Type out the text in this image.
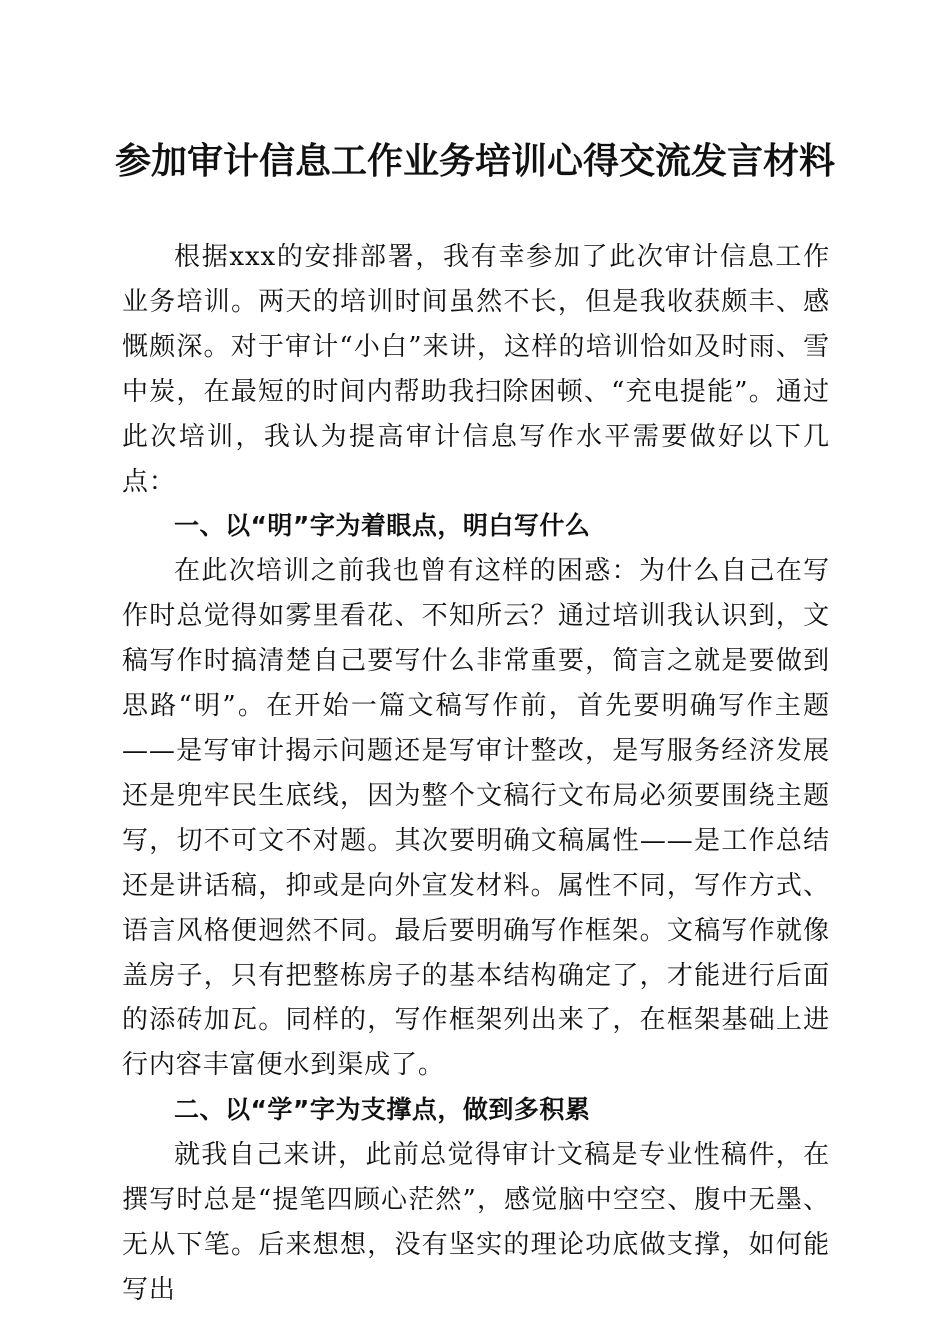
参加审计信息工作业务培训心得交流发言材料

根据xxx的安排部署，我有幸参加了此次审计信息工作业务培训。两天的培训时间虽然不长，但是我收获颇丰、感慨颇深。对于审计“小白”来讲，这样的培训恰如及时雨、雪中炭，在最短的时间内帮助我扫除困顿、“充电提能”。通过此次培训，我认为提高审计信息写作水平需要做好以下几点：

一、以“明”字为着眼点，明白写什么

在此次培训之前我也曾有这样的困惑：为什么自己在写作时总觉得如雾里看花、不知所云？通过培训我认识到，文稿写作时搞清楚自己要写什么非常重要，简言之就是要做到思路“明”。在开始一篇文稿写作前，首先要明确写作主题——是写审计揭示问题还是写审计整改，是写服务经济发展还是兜牢民生底线，因为整个文稿行文布局必须要围绕主题写，切不可文不对题。其次要明确文稿属性——是工作总结还是讲话稿，抑或是向外宣发材料。属性不同，写作方式、语言风格便迥然不同。最后要明确写作框架。文稿写作就像盖房子，只有把整栋房子的基本结构确定了，才能进行后面的添砖加瓦。同样的，写作框架列出来了，在框架基础上进行内容丰富便水到渠成了。

二、以“学”字为支撑点，做到多积累

就我自己来讲，此前总觉得审计文稿是专业性稿件，在撰写时总是“提笔四顾心茫然”，感觉脑中空空、腹中无墨、无从下笔。后来想想，没有坚实的理论功底做支撑，如何能写出
